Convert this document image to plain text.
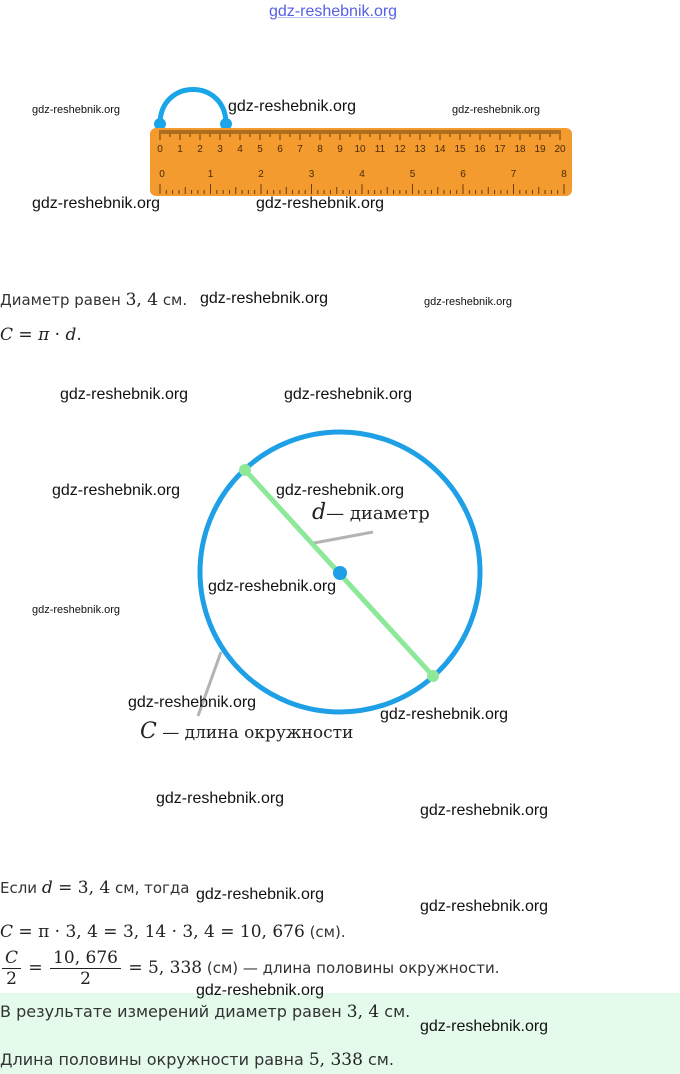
gdz-reshebnik.org
0 1 2 3 4 5 6 7 8 9 10 11 12 13 14 15 16 17 18 19 20
0	1	2	3	4	5	6	7	8
Диаметр равен 3, 4 см.
C = π · d.
d— диаметр
C — длина окружности
Если d = 3, 4 см, тогда
C = π · 3, 4 = 3, 14 · 3, 4 = 10, 676 (см).
$\frac{C}{2} = \frac{10, 676}{2} = 5$, 338 (см) — длина половины окружности.
В результате измерений диаметр равен 3, 4 см.
Длина половины окружности равна 5, 338 см.
gdz-reshebnik.org	gdz-reshebnik.org	gdz-reshebnik.org
gdz-reshebnik.org	gdz-reshebnik.org
gdz-reshebnik.org	gdz-reshebnik.org
gdz-reshebnik.org	gdz-reshebnik.org
gdz-reshebnik.org	gdz-reshebnik.org
gdz-reshebnik.org
gdz-reshebnik.org
gdz-reshebnik.org
gdz-reshebnik.org
gdz-reshebnik.org
gdz-reshebnik.org
gdz-reshebnik.org
gdz-reshebnik.org
gdz-reshebnik.org
gdz-reshebnik.org
